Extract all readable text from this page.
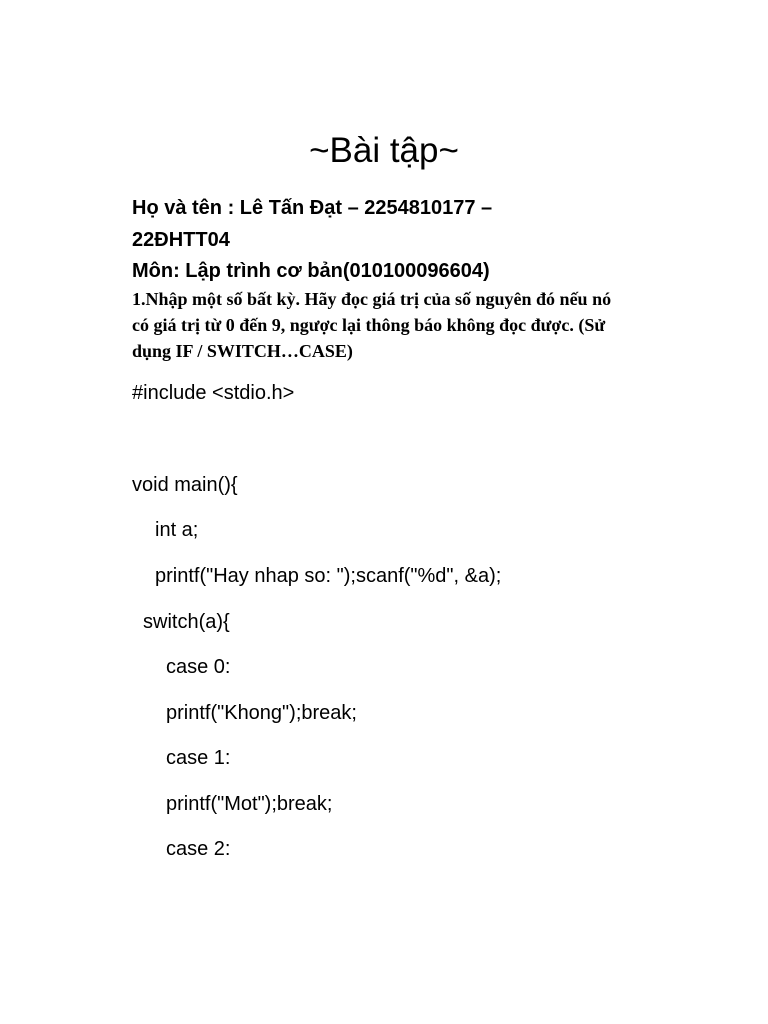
~Bài tập~

Họ và tên : Lê Tấn Đạt – 2254810177 – 22ĐHTT04

Môn: Lập trình cơ bản(010100096604)

1.Nhập một số bất kỳ. Hãy đọc giá trị của số nguyên đó nếu nó có giá trị từ 0 đến 9, ngược lại thông báo không đọc được. (Sử dụng IF / SWITCH…CASE)

#include <stdio.h>

void main(){

int a;

printf("Hay nhap so: ");scanf("%d", &a);

switch(a){

case 0:

printf("Khong");break;

case 1:

printf("Mot");break;

case 2:
